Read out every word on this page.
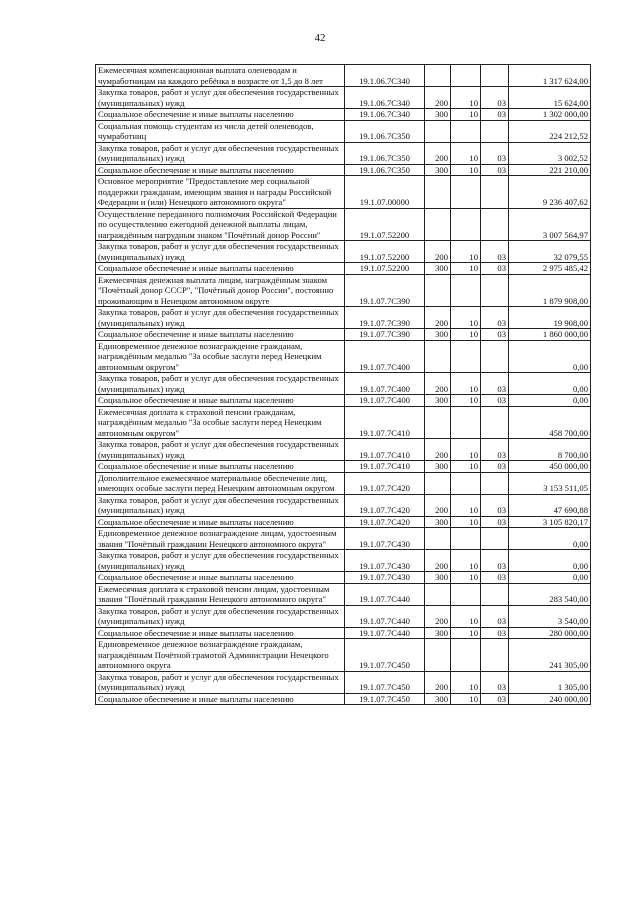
42
Ежемесячная компенсационная выплата оленеводам и чумработницам на каждого ребёнка в возрасте от 1,5 до 8 лет	19.1.06.7С340				1 317 624,00
Закупка товаров, работ и услуг для обеспечения государственных (муниципальных) нужд	19.1.06.7С340	200	10	03	15 624,00
Социальное обеспечение и иные выплаты населению	19.1.06.7С340	300	10	03	1 302 000,00
Социальная помощь студентам из числа детей оленеводов, чумработниц	19.1.06.7С350				224 212,52
Закупка товаров, работ и услуг для обеспечения государственных (муниципальных) нужд	19.1.06.7С350	200	10	03	3 002,52
Социальное обеспечение и иные выплаты населению	19.1.06.7С350	300	10	03	221 210,00
Основное мероприятие "Предоставление мер социальной поддержки гражданам, имеющим звания и награды Российской Федерации и (или) Ненецкого автономного округа"	19.1.07.00000				9 236 407,62
Осуществление переданного полномочия Российской Федерации по осуществлению ежегодной денежной выплаты лицам, награждённым нагрудным знаком "Почётный донор России"	19.1.07.52200				3 007 564,97
Закупка товаров, работ и услуг для обеспечения государственных (муниципальных) нужд	19.1.07.52200	200	10	03	32 079,55
Социальное обеспечение и иные выплаты населению	19.1.07.52200	300	10	03	2 975 485,42
Ежемесячная денежная выплата лицам, награждённым знаком "Почётный донор СССР", "Почётный донор России", постоянно проживающим в Ненецком автономном округе	19.1.07.7С390				1 879 908,00
Закупка товаров, работ и услуг для обеспечения государственных (муниципальных) нужд	19.1.07.7С390	200	10	03	19 908,00
Социальное обеспечение и иные выплаты населению	19.1.07.7С390	300	10	03	1 860 000,00
Единовременное денежное вознаграждение гражданам, награждённым медалью "За особые заслуги перед Ненецким автономным округом"	19.1.07.7С400				0,00
Закупка товаров, работ и услуг для обеспечения государственных (муниципальных) нужд	19.1.07.7С400	200	10	03	0,00
Социальное обеспечение и иные выплаты населению	19.1.07.7С400	300	10	03	0,00
Ежемесячная доплата к страховой пенсии гражданам, награждённым медалью "За особые заслуги перед Ненецким автономным округом"	19.1.07.7С410				458 700,00
Закупка товаров, работ и услуг для обеспечения государственных (муниципальных) нужд	19.1.07.7С410	200	10	03	8 700,00
Социальное обеспечение и иные выплаты населению	19.1.07.7С410	300	10	03	450 000,00
Дополнительное ежемесячное материальное обеспечение лиц, имеющих особые заслуги перед Ненецким автономным округом	19.1.07.7С420				3 153 511,05
Закупка товаров, работ и услуг для обеспечения государственных (муниципальных) нужд	19.1.07.7С420	200	10	03	47 690,88
Социальное обеспечение и иные выплаты населению	19.1.07.7С420	300	10	03	3 105 820,17
Единовременное денежное вознаграждение лицам, удостоенным звания "Почётный гражданин Ненецкого автономного округа"	19.1.07.7С430				0,00
Закупка товаров, работ и услуг для обеспечения государственных (муниципальных) нужд	19.1.07.7С430	200	10	03	0,00
Социальное обеспечение и иные выплаты населению	19.1.07.7С430	300	10	03	0,00
Ежемесячная доплата к страховой пенсии лицам, удостоенным звания "Почётный гражданин Ненецкого автономного округа"	19.1.07.7С440				283 540,00
Закупка товаров, работ и услуг для обеспечения государственных (муниципальных) нужд	19.1.07.7С440	200	10	03	3 540,00
Социальное обеспечение и иные выплаты населению	19.1.07.7С440	300	10	03	280 000,00
Единовременное денежное вознаграждение гражданам, награждённым Почётной грамотой Администрации Ненецкого автономного округа	19.1.07.7С450				241 305,00
Закупка товаров, работ и услуг для обеспечения государственных (муниципальных) нужд	19.1.07.7С450	200	10	03	1 305,00
Социальное обеспечение и иные выплаты населению	19.1.07.7С450	300	10	03	240 000,00
